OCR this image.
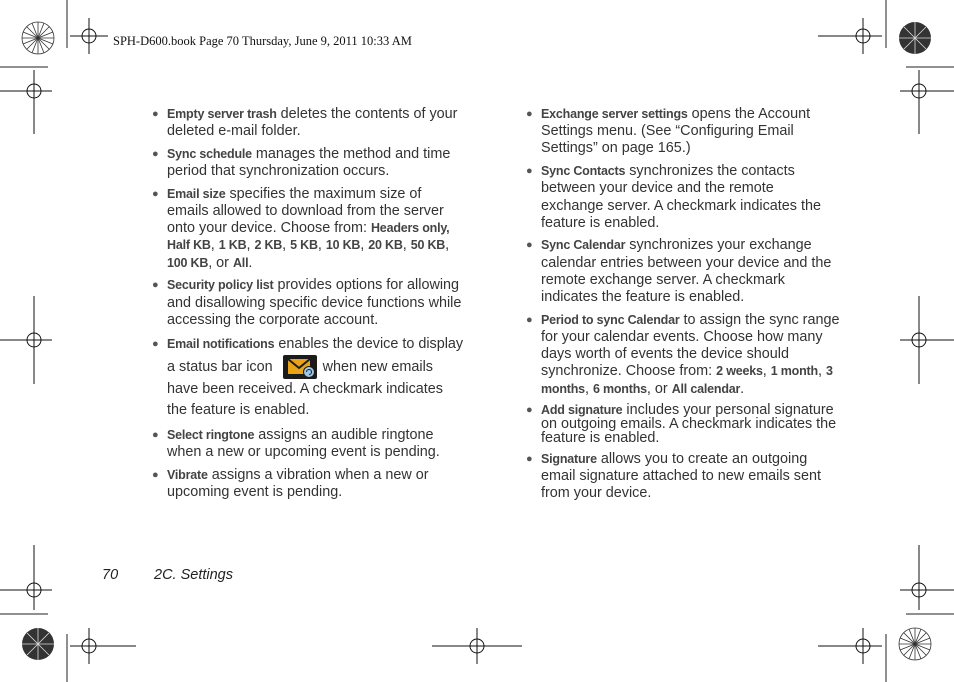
SPH-D600.book Page 70 Thursday, June 9, 2011 10:33 AM
● Empty server trash deletes the contents of your deleted e-mail folder.
● Sync schedule manages the method and time period that synchronization occurs.
● Email size specifies the maximum size of emails allowed to download from the server onto your device. Choose from: Headers only, Half KB, 1 KB, 2 KB, 5 KB, 10 KB, 20 KB, 50 KB, 100 KB, or All.
● Security policy list provides options for allowing and disallowing specific device functions while accessing the corporate account.
● Email notifications enables the device to display a status bar icon	when new emails have been received. A checkmark indicates the feature is enabled.
● Select ringtone assigns an audible ringtone when a new or upcoming event is pending.
● Vibrate assigns a vibration when a new or upcoming event is pending.
● Exchange server settings opens the Account Settings menu. (See “Configuring Email Settings” on page 165.)
● Sync Contacts synchronizes the contacts between your device and the remote exchange server. A checkmark indicates the feature is enabled.
● Sync Calendar synchronizes your exchange calendar entries between your device and the remote exchange server. A checkmark indicates the feature is enabled.
● Period to sync Calendar to assign the sync range for your calendar events. Choose how many days worth of events the device should synchronize. Choose from: 2 weeks, 1 month, 3 months, 6 months, or All calendar.
● Add signature includes your personal signature on outgoing emails. A checkmark indicates the feature is enabled.
● Signature allows you to create an outgoing email signature attached to new emails sent from your device.
70 2C. Settings
